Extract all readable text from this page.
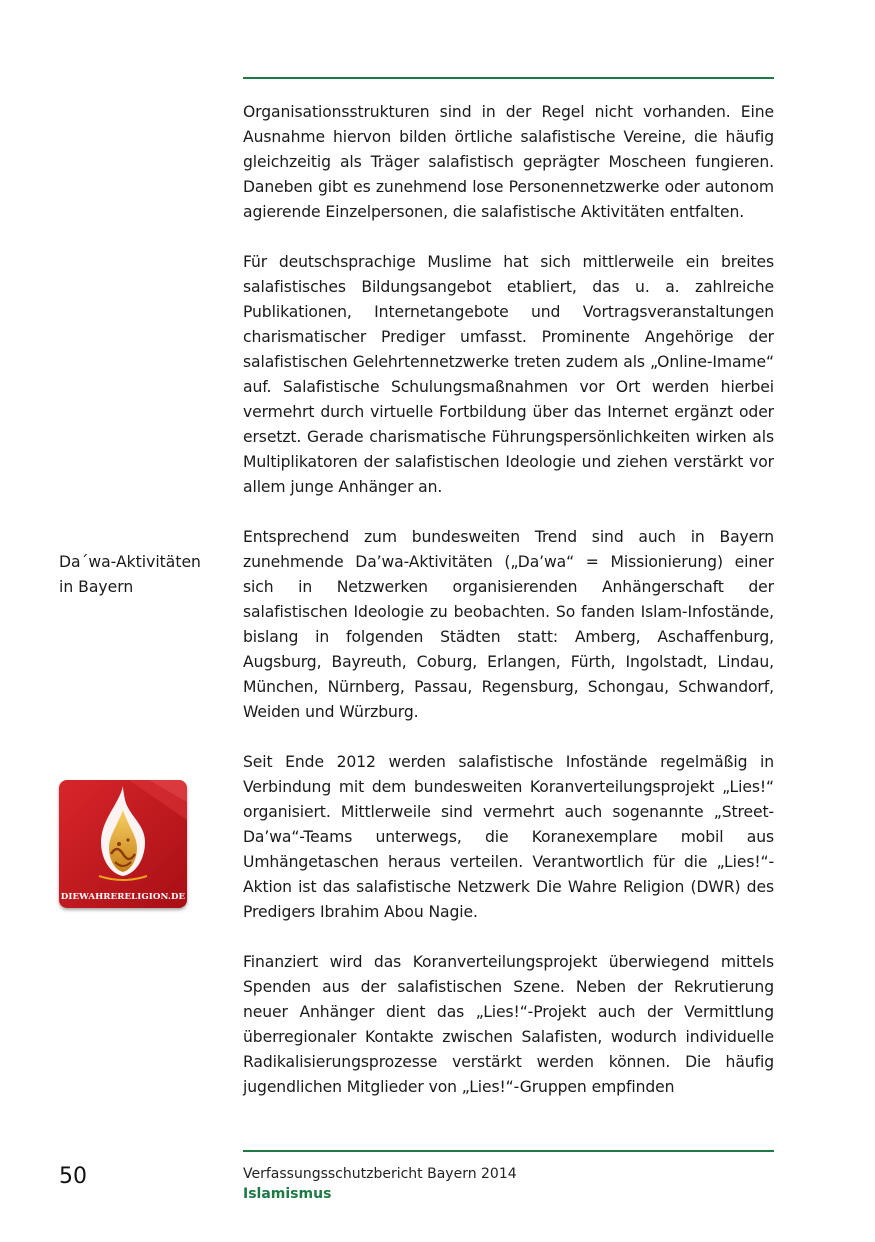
Organisationsstrukturen sind in der Regel nicht vorhanden. Eine Ausnahme hiervon bilden örtliche salafistische Vereine, die häufig gleichzeitig als Träger salafistisch geprägter Moscheen fungieren. Daneben gibt es zunehmend lose Personennetzwerke oder autonom agierende Einzelpersonen, die salafistische Aktivitäten entfalten.

Für deutschsprachige Muslime hat sich mittlerweile ein breites salafistisches Bildungsangebot etabliert, das u. a. zahlreiche Publikationen, Internetangebote und Vortragsveranstaltungen charismatischer Prediger umfasst. Prominente Angehörige der salafistischen Gelehrtennetzwerke treten zudem als „Online-Imame“ auf. Salafistische Schulungsmaßnahmen vor Ort werden hierbei vermehrt durch virtuelle Fortbildung über das Internet ergänzt oder ersetzt. Gerade charismatische Führungspersönlichkeiten wirken als Multiplikatoren der salafistischen Ideologie und ziehen verstärkt vor allem junge Anhänger an.

Entsprechend zum bundesweiten Trend sind auch in Bayern zunehmende Da’wa-Aktivitäten („Da’wa“ = Missionierung) einer sich in Netzwerken organisierenden Anhängerschaft der salafistischen Ideologie zu beobachten. So fanden Islam-Infostände, bislang in folgenden Städten statt: Amberg, Aschaffenburg, Augsburg, Bayreuth, Coburg, Erlangen, Fürth, Ingolstadt, Lindau, München, Nürnberg, Passau, Regensburg, Schongau, Schwandorf, Weiden und Würzburg.

Seit Ende 2012 werden salafistische Infostände regelmäßig in Verbindung mit dem bundesweiten Koranverteilungsprojekt „Lies!“ organisiert. Mittlerweile sind vermehrt auch sogenannte „Street-Da’wa“-Teams unterwegs, die Koranexemplare mobil aus Umhängetaschen heraus verteilen. Verantwortlich für die „Lies!“-Aktion ist das salafistische Netzwerk Die Wahre Religion (DWR) des Predigers Ibrahim Abou Nagie.

Finanziert wird das Koranverteilungsprojekt überwiegend mittels Spenden aus der salafistischen Szene. Neben der Rekrutierung neuer Anhänger dient das „Lies!“-Projekt auch der Vermittlung überregionaler Kontakte zwischen Salafisten, wodurch individuelle Radikalisierungsprozesse verstärkt werden können. Die häufig jugendlichen Mitglieder von „Lies!“-Gruppen empfinden

Da´wa-Aktivitäten
in Bayern
DIEWAHRERELIGION.DE
50	Verfassungsschutzbericht Bayern 2014
Islamismus
